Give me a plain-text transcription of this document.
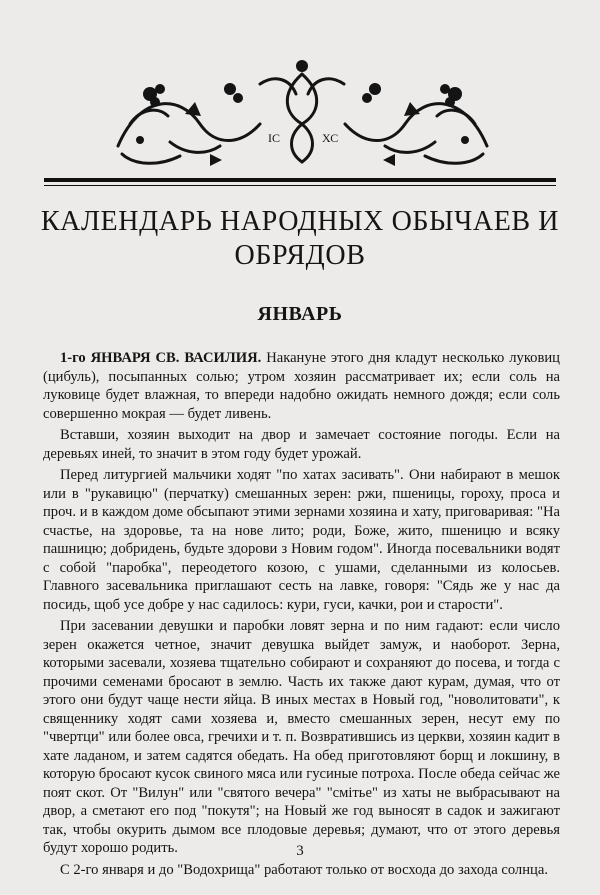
ІС	ХС
КАЛЕНДАРЬ НАРОДНЫХ ОБЫЧАЕВ И ОБРЯДОВ
ЯНВАРЬ

1-го ЯНВАРЯ СВ. ВАСИЛИЯ. Накануне этого дня кладут несколько луковиц (цибуль), посыпанных солью; утром хозяин рассматривает их; если соль на луковице будет влажная, то впереди надобно ожидать немного дождя; если соль совершенно мокрая — будет ливень.

Вставши, хозяин выходит на двор и замечает состояние погоды. Если на деревьях иней, то значит в этом году будет урожай.

Перед литургией мальчики ходят "по хатах засивать". Они набирают в мешок или в "рукавицю" (перчатку) смешанных зерен: ржи, пшеницы, гороху, проса и проч. и в каждом доме обсыпают этими зернами хозяина и хату, приговаривая: "На счастье, на здоровье, та на нове лито; роди, Боже, жито, пшеницю и всяку пашницю; добридень, будьте здорови з Новим годом". Иногда посевальники водят с собой "паробка", переодетого козою, с ушами, сделанными из колосьев. Главного засевальника приглашают сесть на лавке, говоря: "Сядь же у нас да посидь, щоб усе добре у нас садилось: кури, гуси, качки, рои и старости".

При засевании девушки и паробки ловят зерна и по ним гадают: если число зерен окажется четное, значит девушка выйдет замуж, и наоборот. Зерна, которыми засевали, хозяева тщательно собирают и сохраняют до посева, и тогда с прочими семенами бросают в землю. Часть их также дают курам, думая, что от этого они будут чаще нести яйца. В иных местах в Новый год, "новолитовати", к священнику ходят сами хозяева и, вместо смешанных зерен, несут ему по "чвертци" или более овса, гречихи и т. п. Возвратившись из церкви, хозяин кадит в хате ладаном, и затем садятся обедать. На обед приготовляют борщ и локшину, в которую бросают кусок свиного мяса или гусиные потроха. После обеда сейчас же поят скот. От "Вилун" или "святого вечера" "смiтье" из хаты не выбрасывают на двор, а сметают его под "покутя"; на Новый же год выносят в садок и зажигают так, чтобы окурить дымом все плодовые деревья; думают, что от этого деревья будут хорошо родить.

С 2-го января и до "Водохрища" работают только от восхода до захода солнца.

3
